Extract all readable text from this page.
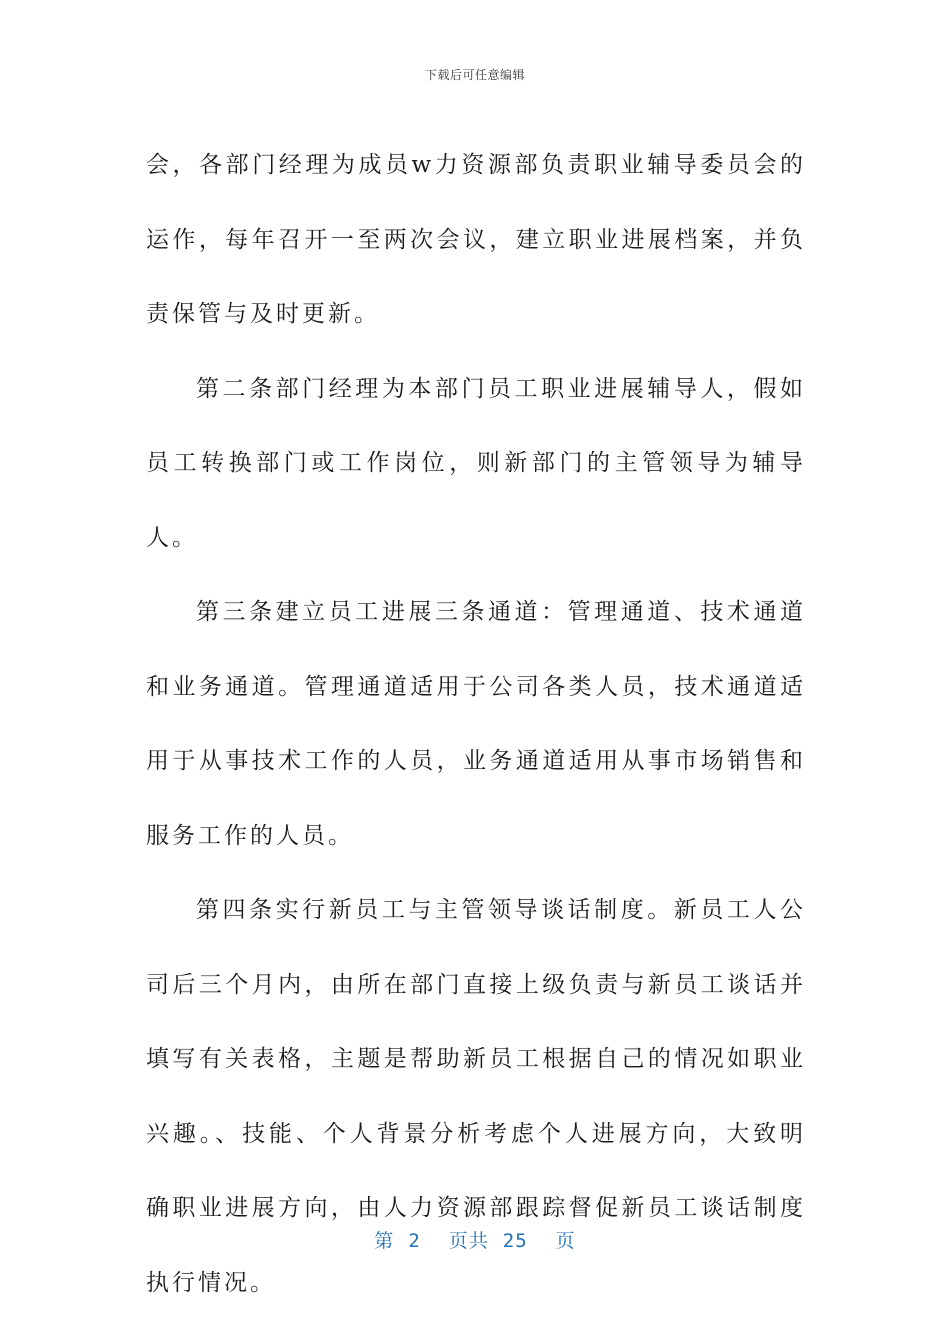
下载后可任意编辑

会，各部门经理为成员w力资源部负责职业辅导委员会的运作，每年召开一至两次会议，建立职业进展档案，并负责保管与及时更新。

第二条部门经理为本部门员工职业进展辅导人，假如员工转换部门或工作岗位，则新部门的主管领导为辅导人。

第三条建立员工进展三条通道：管理通道、技术通道和业务通道。管理通道适用于公司各类人员，技术通道适用于从事技术工作的人员，业务通道适用从事市场销售和服务工作的人员。

第四条实行新员工与主管领导谈话制度。新员工人公司后三个月内，由所在部门直接上级负责与新员工谈话并填写有关表格，主题是帮助新员工根据自己的情况如职业兴趣。、技能、个人背景分析考虑个人进展方向，大致明确职业进展方向，由人力资源部跟踪督促新员工谈话制度执行情况。

第 2 页共 25 页
